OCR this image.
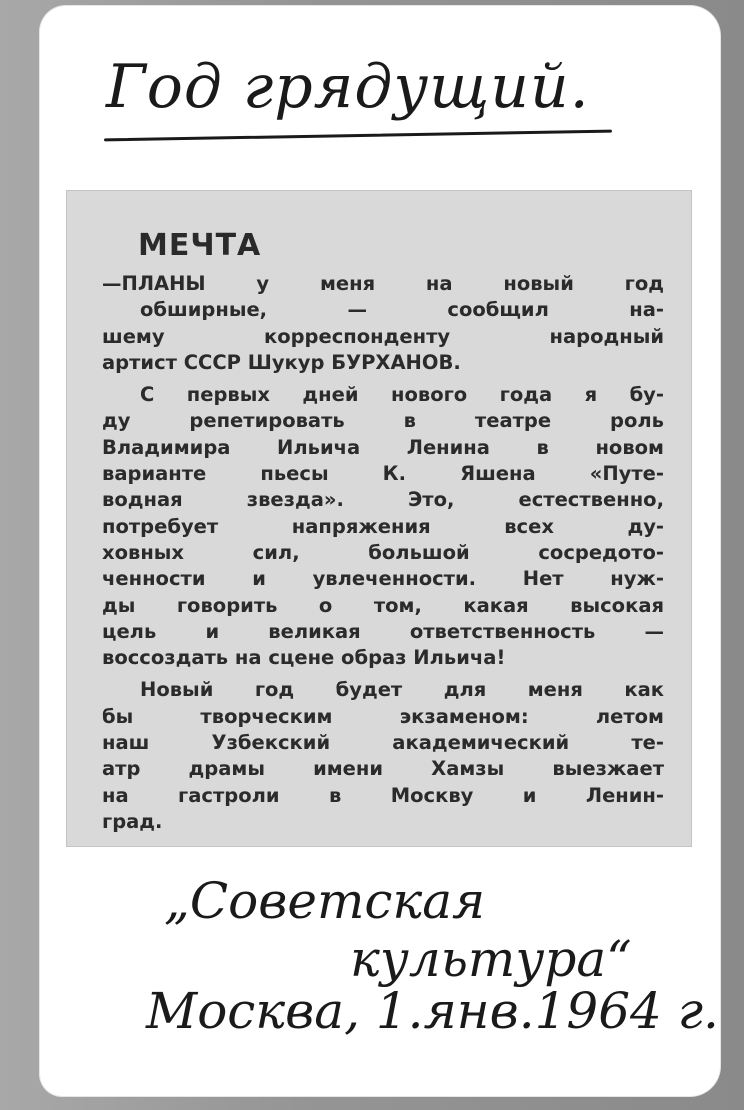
Год грядущий.
МЕЧТА
—ПЛАНЫ у меня на новый год
обширные, — сообщил на-
шему корреспонденту народный
артист СССР Шукур БУРХАНОВ.
С первых дней нового года я бу-
ду репетировать в театре роль
Владимира Ильича Ленина в новом
варианте пьесы К. Яшена «Путе-
водная звезда». Это, естественно,
потребует напряжения всех ду-
ховных сил, большой сосредото-
ченности и увлеченности. Нет нуж-
ды говорить о том, какая высокая
цель и великая ответственность —
воссоздать на сцене образ Ильича!
Новый год будет для меня как
бы творческим экзаменом: летом
наш Узбекский академический те-
атр драмы имени Хамзы выезжает
на гастроли в Москву и Ленин-
град.
„Советская
культура“
Москва, 1.янв.1964 г.
